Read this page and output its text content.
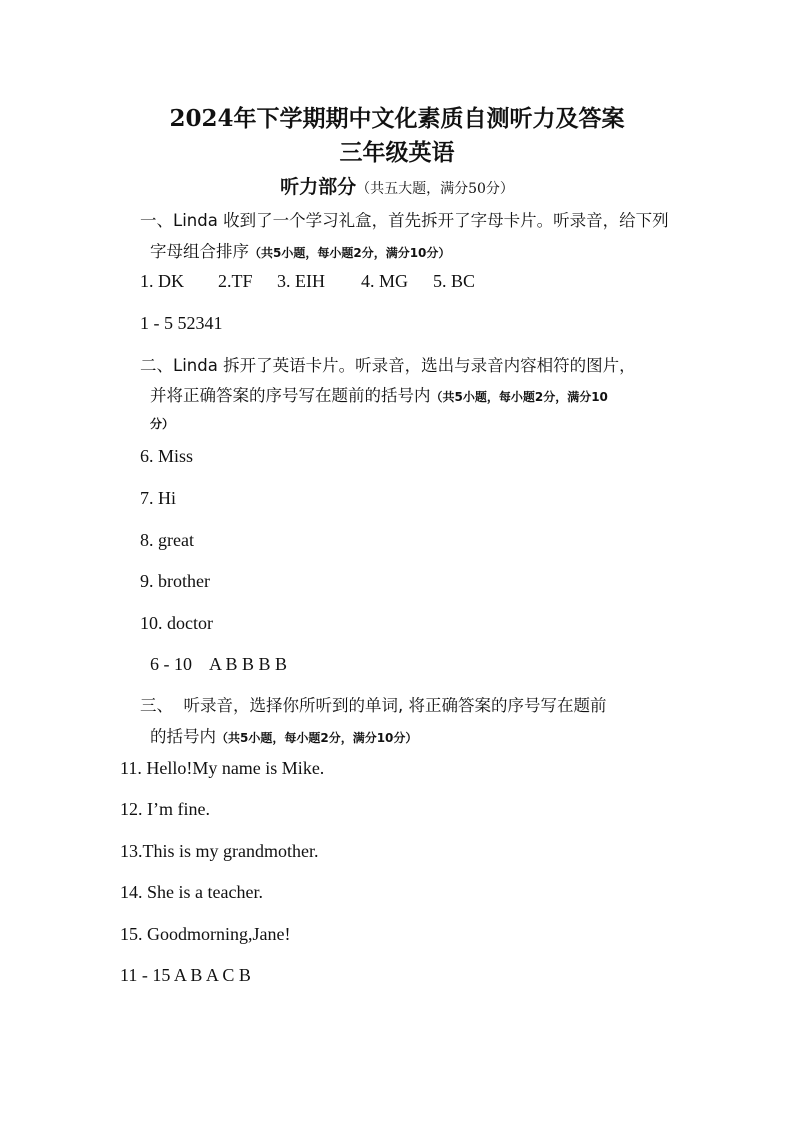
2024年下学期期中文化素质自测听力及答案
三年级英语
听力部分（共五大题，满分50分）
一、Linda 收到了一个学习礼盒，首先拆开了字母卡片。听录音，给下列
字母组合排序（共5小题，每小题2分，满分10分）
1. DK 2.TF 3. EIH 4. MG 5. BC
1 - 5 52341
二、Linda 拆开了英语卡片。听录音，选出与录音内容相符的图片，
并将正确答案的序号写在题前的括号内（共5小题，每小题2分，满分10
分）
6. Miss
7. Hi
8. great
9. brother
10. doctor
6 - 10    A B B B B
三、  听录音，选择你所听到的单词, 将正确答案的序号写在题前
的括号内（共5小题，每小题2分，满分10分）
11. Hello!My name is Mike.
12. I’m fine.
13.This is my grandmother.
14. She is a teacher.
15. Goodmorning,Jane!
11 - 15 A B A C B
